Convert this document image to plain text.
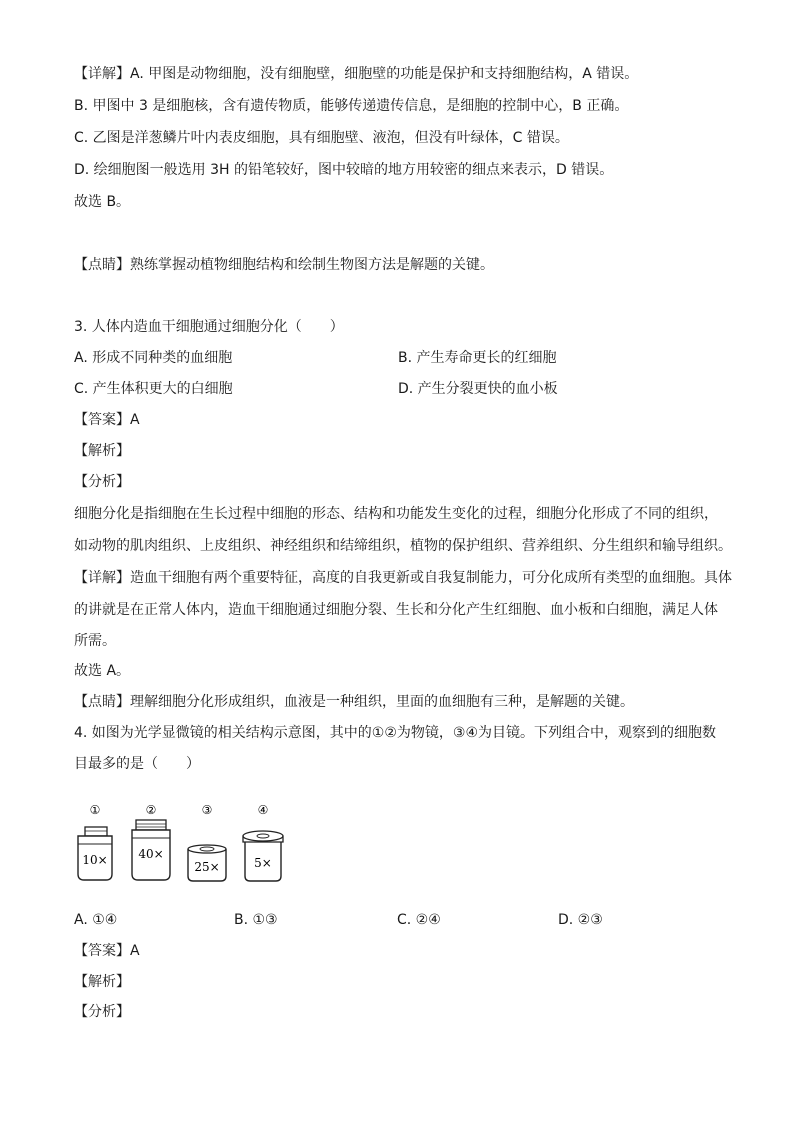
【详解】A. 甲图是动物细胞，没有细胞壁，细胞壁的功能是保护和支持细胞结构，A 错误。
B. 甲图中 3 是细胞核，含有遗传物质，能够传递遗传信息，是细胞的控制中心，B 正确。
C. 乙图是洋葱鳞片叶内表皮细胞，具有细胞壁、液泡，但没有叶绿体，C 错误。
D. 绘细胞图一般选用 3H 的铅笔较好，图中较暗的地方用较密的细点来表示，D 错误。
故选 B。
【点睛】熟练掌握动植物细胞结构和绘制生物图方法是解题的关键。
3. 人体内造血干细胞通过细胞分化（　　）
A. 形成不同种类的血细胞	B. 产生寿命更长的红细胞
C. 产生体积更大的白细胞	D. 产生分裂更快的血小板
【答案】A
【解析】
【分析】
细胞分化是指细胞在生长过程中细胞的形态、结构和功能发生变化的过程，细胞分化形成了不同的组织，
如动物的肌肉组织、上皮组织、神经组织和结缔组织，植物的保护组织、营养组织、分生组织和输导组织。
【详解】造血干细胞有两个重要特征，高度的自我更新或自我复制能力，可分化成所有类型的血细胞。具体
的讲就是在正常人体内，造血干细胞通过细胞分裂、生长和分化产生红细胞、血小板和白细胞，满足人体
所需。
故选 A。
【点睛】理解细胞分化形成组织，血液是一种组织，里面的血细胞有三种，是解题的关键。
4. 如图为光学显微镜的相关结构示意图，其中的①②为物镜，③④为目镜。下列组合中，观察到的细胞数
目最多的是（　　）
①
10×
②
40×
③
25×
④
5×
A. ①④	B. ①③	C. ②④	D. ②③
【答案】A
【解析】
【分析】
